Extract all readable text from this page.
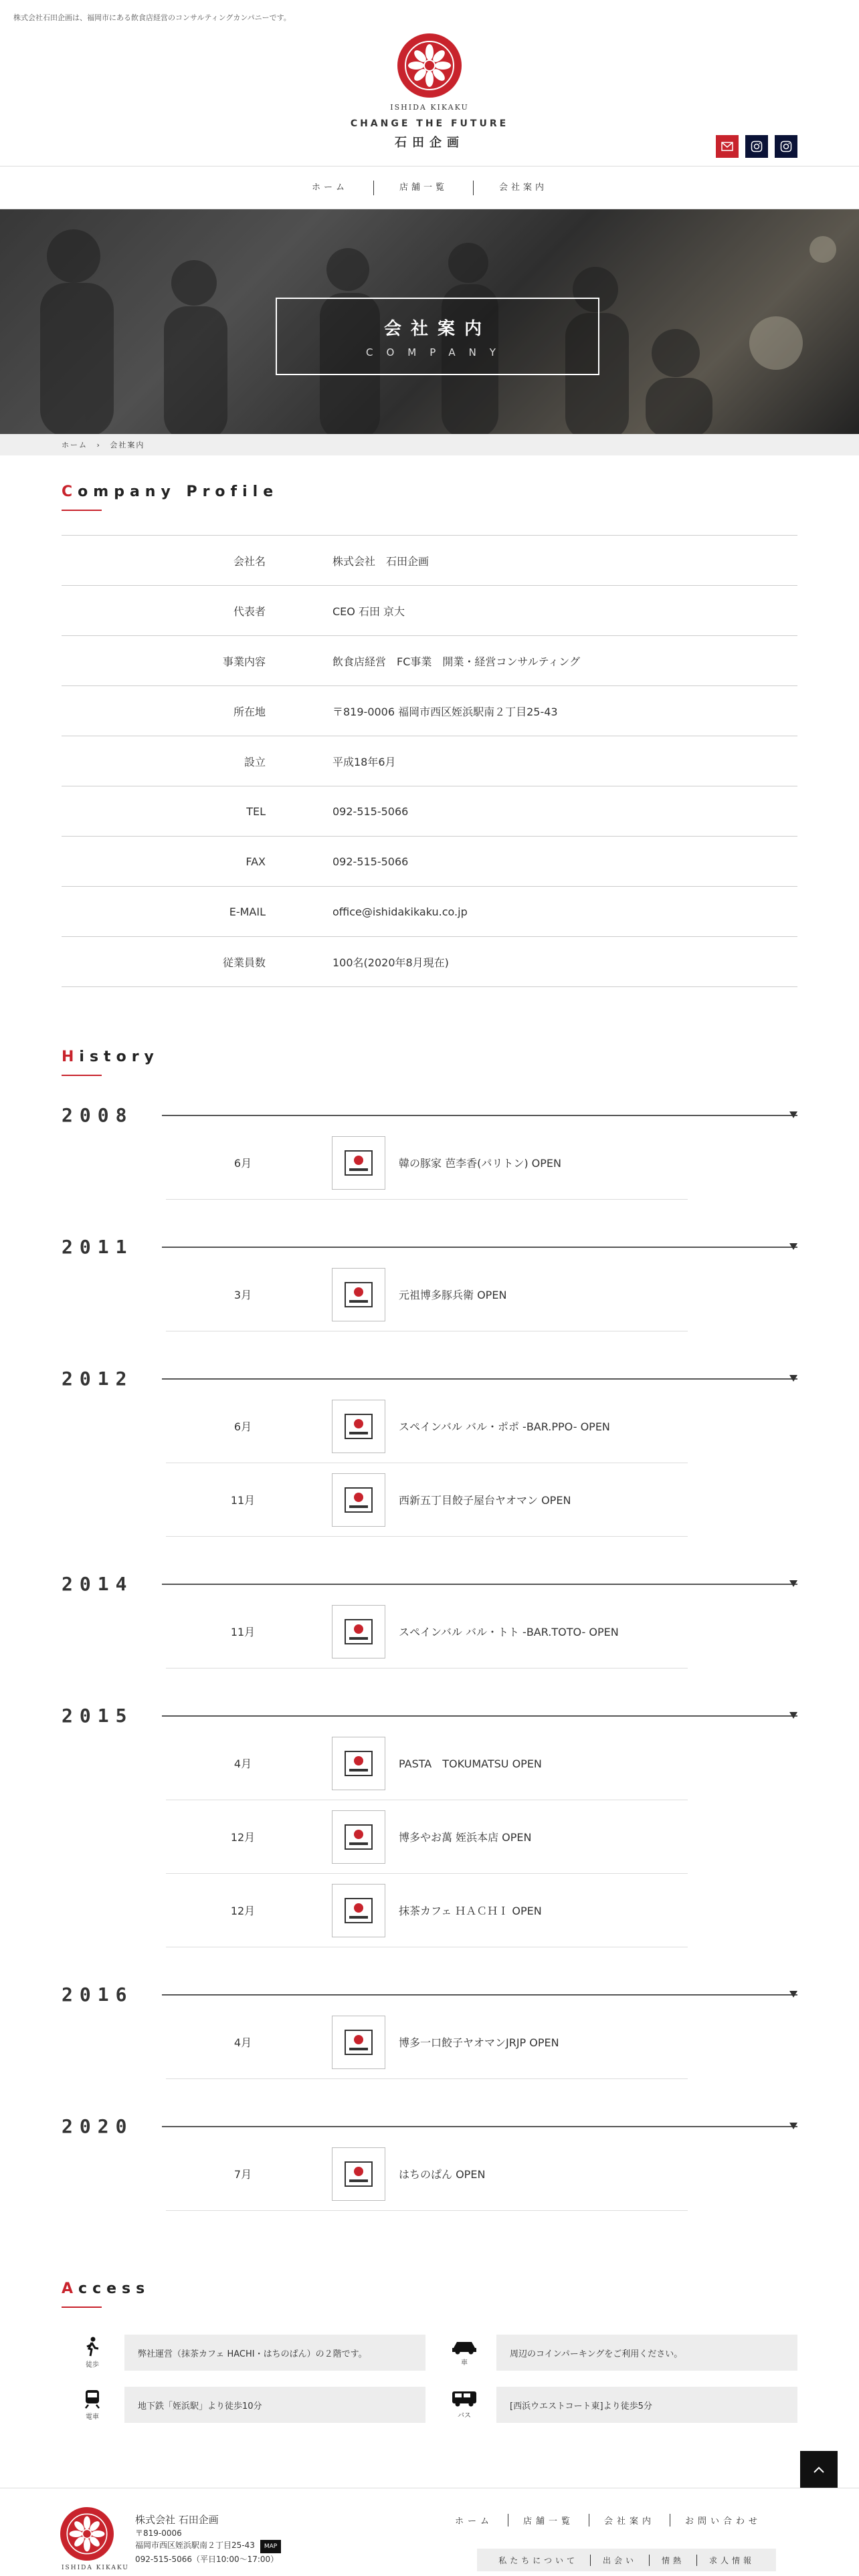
株式会社石田企画は、福岡市にある飲食店経営のコンサルティングカンパニーです。
ISHIDA KIKAKU
CHANGE THE FUTURE
石田企画
ホーム	店舗一覧	会社案内
会社案内
COMPANY
ホーム › 会社案内
Company Profile
会社名	株式会社　石田企画
代表者	CEO 石田 京大
事業内容	飲食店経営　FC事業　開業・経営コンサルティング
所在地	〒819-0006 福岡市西区姪浜駅南２丁目25-43
設立	平成18年6月
TEL	092-515-5066
FAX	092-515-5066
E-MAIL	office@ishidakikaku.co.jp
従業員数	100名(2020年8月現在)
History
2008
6月	韓の豚家 芭李香(パリトン) OPEN
2011
3月	元祖博多豚兵衛 OPEN
2012
6月	スペインバル バル・ポポ -BAR.PPO- OPEN
11月	西新五丁目餃子屋台ヤオマン OPEN
2014
11月	スペインバル バル・トト -BAR.TOTO- OPEN
2015
4月	PASTA　TOKUMATSU OPEN
12月	博多やお萬 姪浜本店 OPEN
12月	抹茶カフェ ＨＡＣＨＩ OPEN
2016
4月	博多一口餃子ヤオマンJRJP OPEN
2020
7月	はちのぱん OPEN
Access
徒歩
弊社運営（抹茶カフェ HACHI・はちのぱん）の２階です。
車
周辺のコインパーキングをご利用ください。
電車
地下鉄「姪浜駅」より徒歩10分
バス
[西浜ウエストコート東]より徒歩5分
ISHIDA KIKAKU
株式会社 石田企画
〒819-0006
福岡市西区姪浜駅南２丁目25-43 MAP
092-515-5066（平日10:00～17:00）
ホーム	店舗一覧	会社案内	お問い合わせ
私たちについて	出会い	情熱	求人情報
